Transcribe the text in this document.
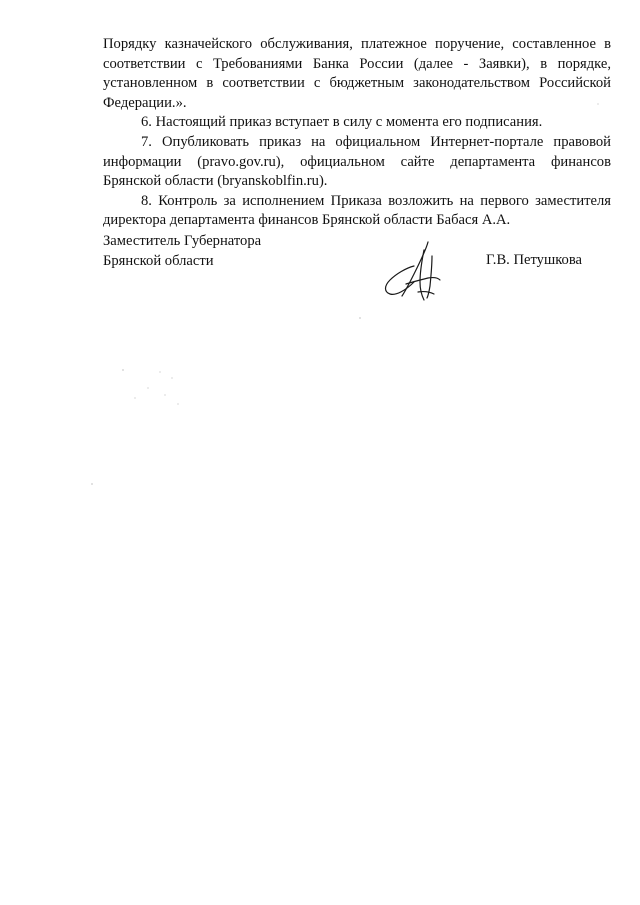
Порядку казначейского обслуживания, платежное поручение, составленное в соответствии с Требованиями Банка России (далее - Заявки), в порядке, установленном в соответствии с бюджетным законодательством Российской Федерации.».

6. Настоящий приказ вступает в силу с момента его подписания.

7. Опубликовать приказ на официальном Интернет-портале правовой информации (pravo.gov.ru), официальном сайте департамента финансов Брянской области (bryanskoblfin.ru).

8. Контроль за исполнением Приказа возложить на первого заместителя директора департамента финансов Брянской области Бабася А.А.

Заместитель Губернатора
Брянской области	Г.В. Петушкова
